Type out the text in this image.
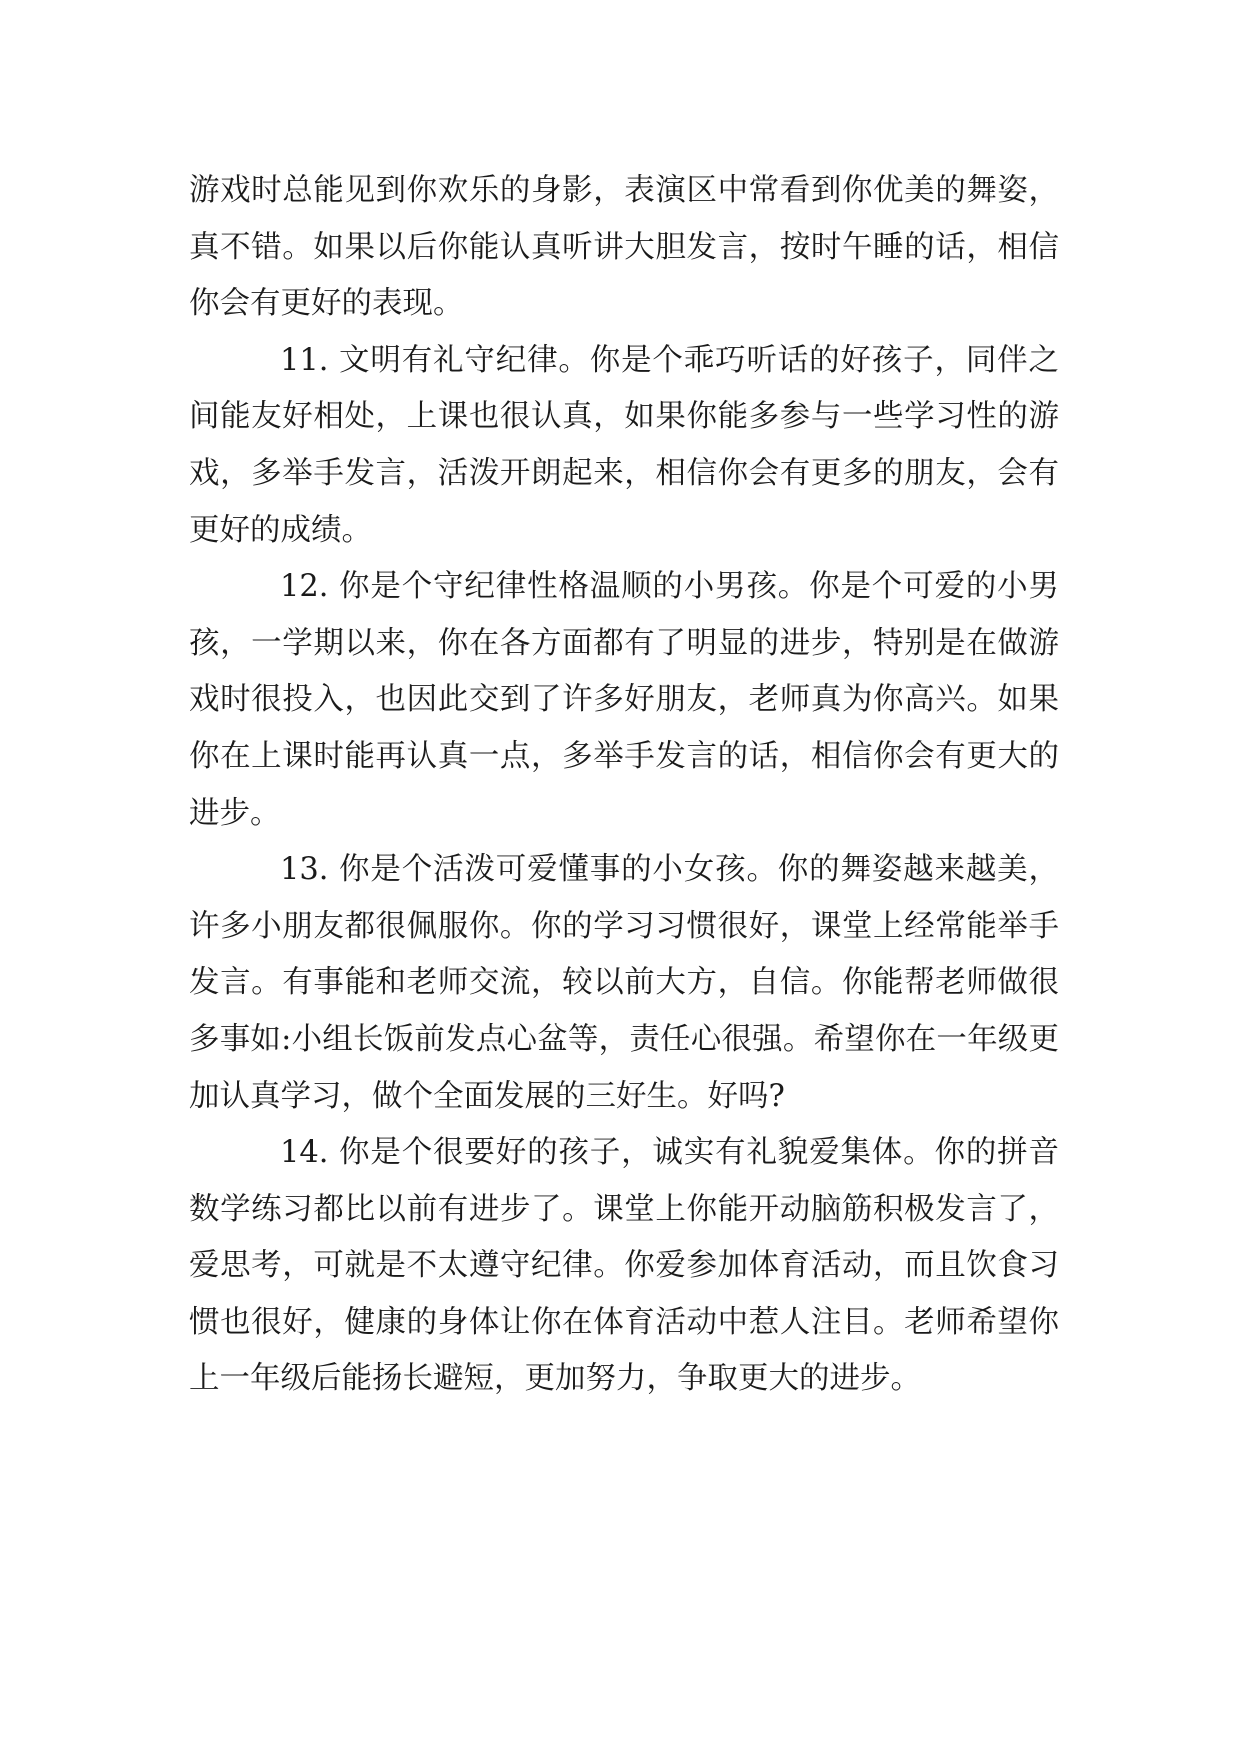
游戏时总能见到你欢乐的身影，表演区中常看到你优美的舞姿，真不错。如果以后你能认真听讲大胆发言，按时午睡的话，相信你会有更好的表现。

11. 文明有礼守纪律。你是个乖巧听话的好孩子，同伴之间能友好相处，上课也很认真，如果你能多参与一些学习性的游戏，多举手发言，活泼开朗起来，相信你会有更多的朋友，会有更好的成绩。

12. 你是个守纪律性格温顺的小男孩。你是个可爱的小男孩，一学期以来，你在各方面都有了明显的进步，特别是在做游戏时很投入，也因此交到了许多好朋友，老师真为你高兴。如果你在上课时能再认真一点，多举手发言的话，相信你会有更大的进步。

13. 你是个活泼可爱懂事的小女孩。你的舞姿越来越美，许多小朋友都很佩服你。你的学习习惯很好，课堂上经常能举手发言。有事能和老师交流，较以前大方，自信。你能帮老师做很多事如:小组长饭前发点心盆等，责任心很强。希望你在一年级更加认真学习，做个全面发展的三好生。好吗?

14. 你是个很要好的孩子，诚实有礼貌爱集体。你的拼音数学练习都比以前有进步了。课堂上你能开动脑筋积极发言了，爱思考，可就是不太遵守纪律。你爱参加体育活动，而且饮食习惯也很好，健康的身体让你在体育活动中惹人注目。老师希望你上一年级后能扬长避短，更加努力，争取更大的进步。
